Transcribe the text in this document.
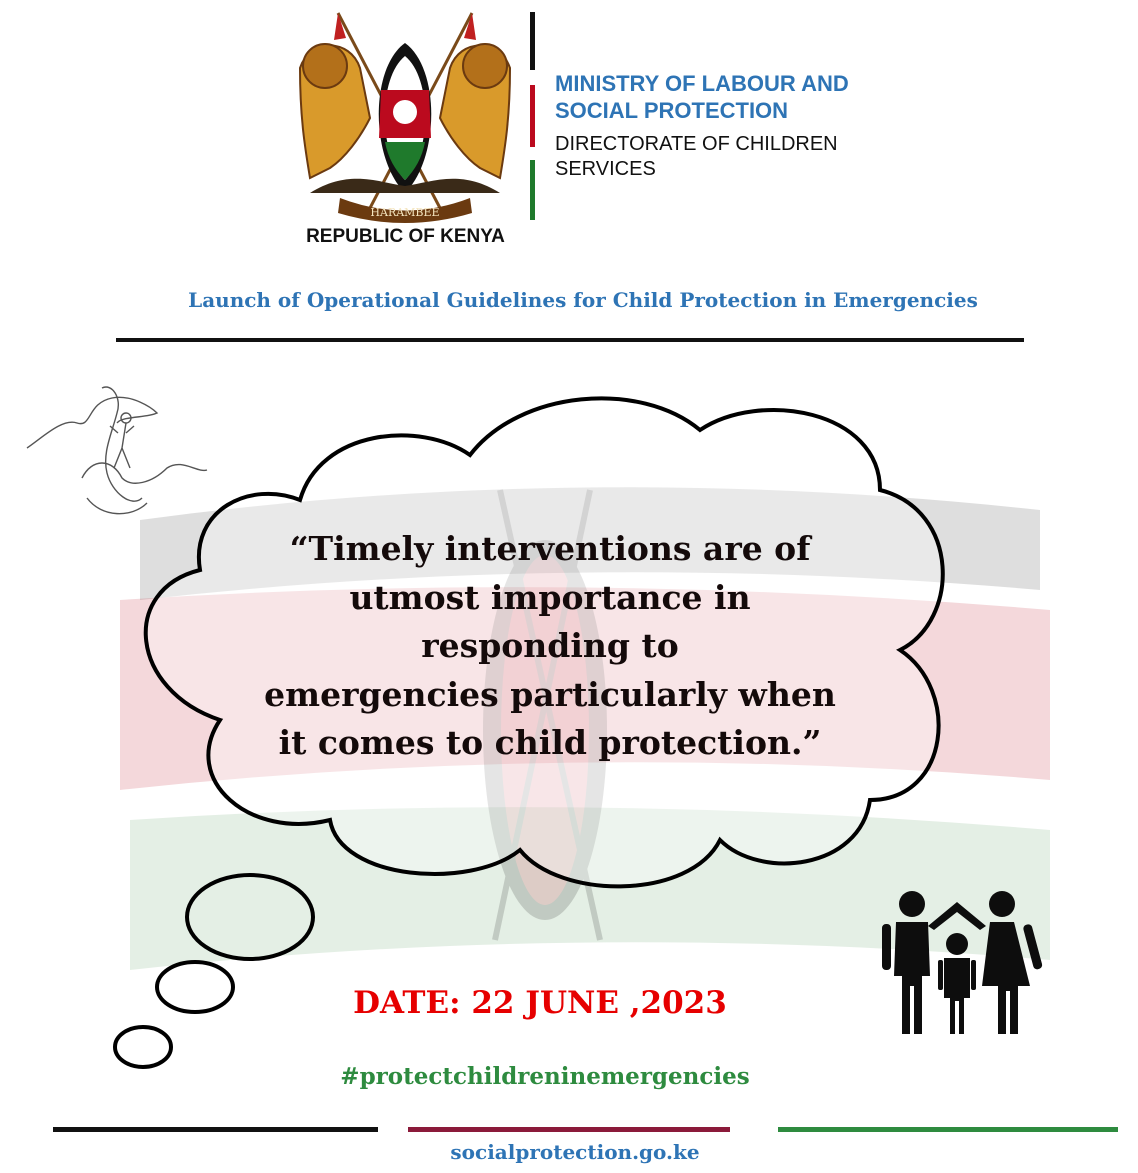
HARAMBEE
REPUBLIC OF KENYA
MINISTRY OF LABOUR AND
SOCIAL PROTECTION
DIRECTORATE OF CHILDREN
SERVICES
Launch of Operational Guidelines for Child Protection in Emergencies
“Timely interventions are of
utmost importance in
responding to
emergencies particularly when
it comes to child protection.”
DATE: 22 JUNE ,2023
#protectchildreninemergencies
socialprotection.go.ke
